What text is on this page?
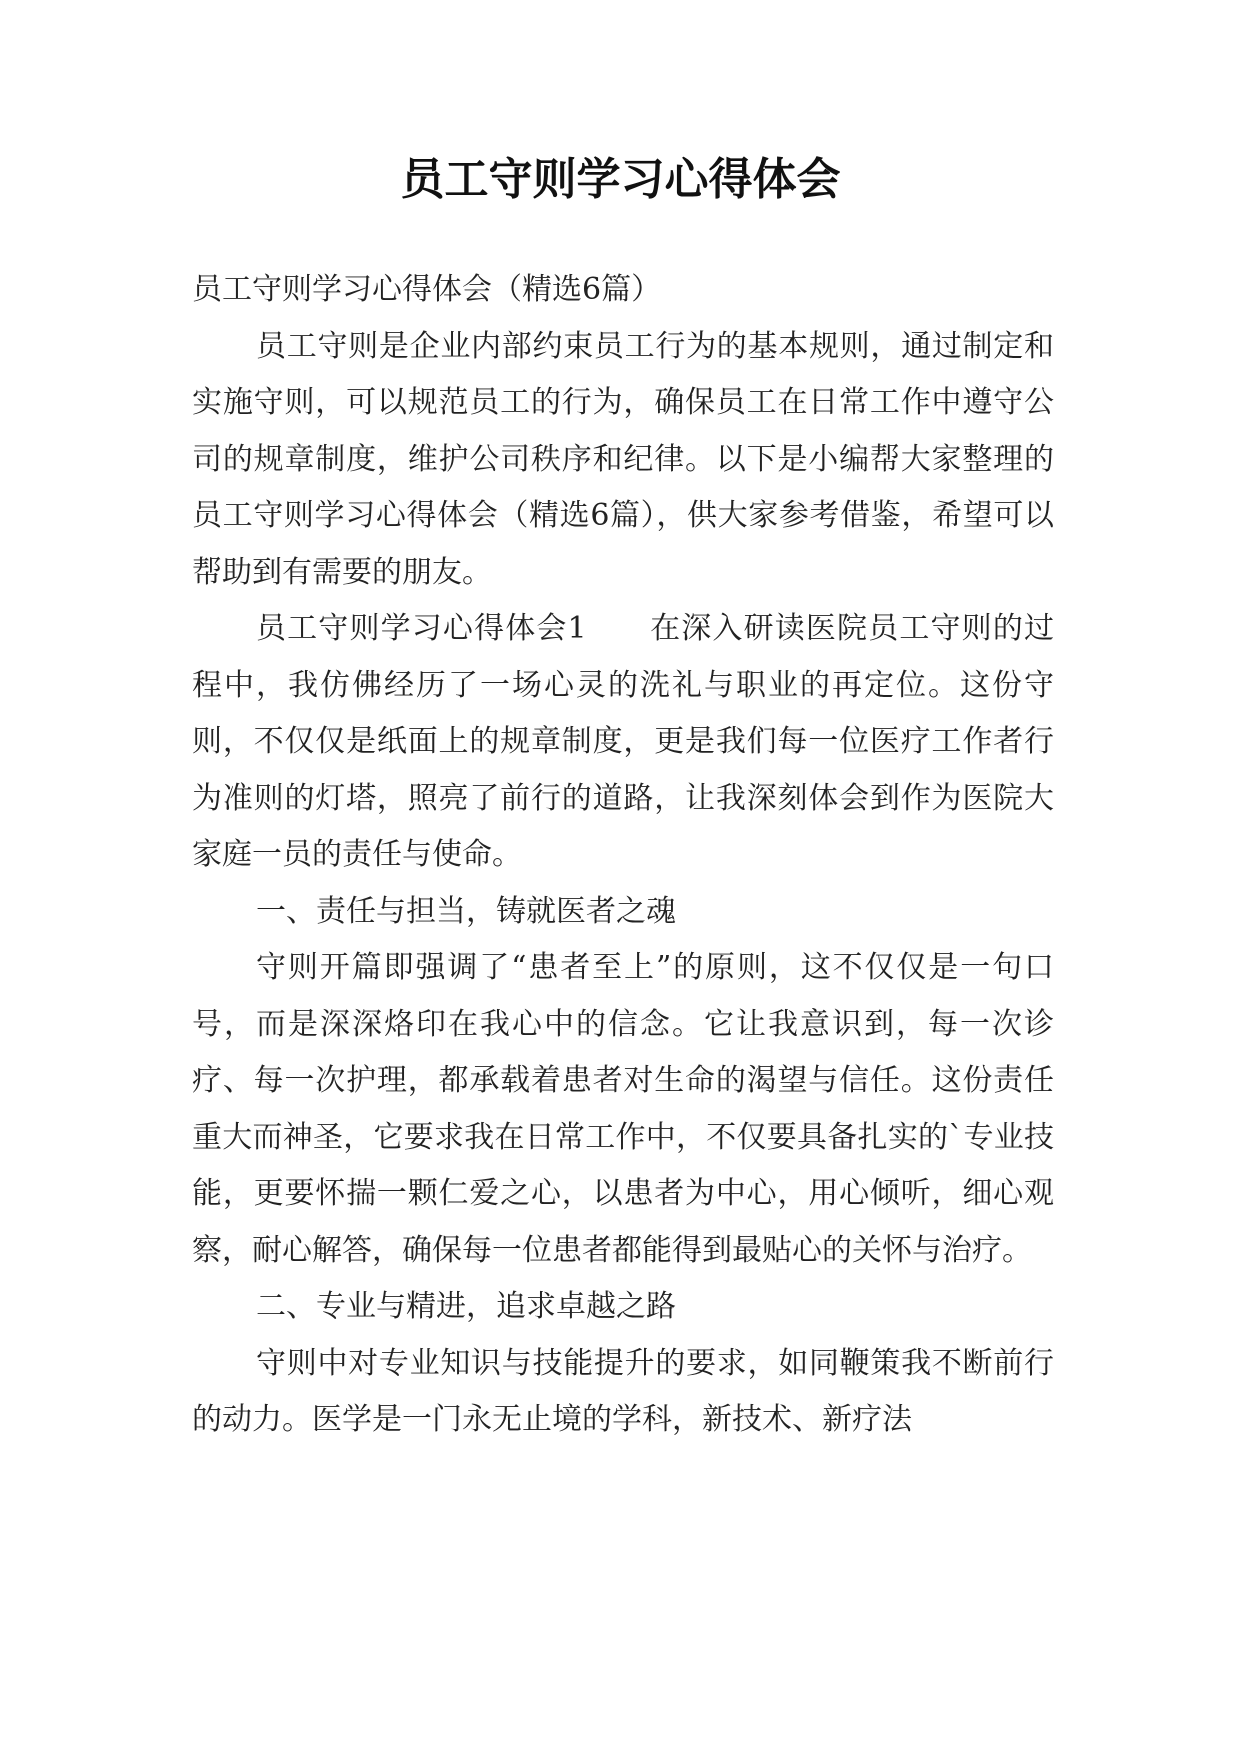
员工守则学习心得体会

员工守则学习心得体会（精选6篇）

员工守则是企业内部约束员工行为的基本规则，通过制定和实施守则，可以规范员工的行为，确保员工在日常工作中遵守公司的规章制度，维护公司秩序和纪律。以下是小编帮大家整理的员工守则学习心得体会（精选6篇），供大家参考借鉴，希望可以帮助到有需要的朋友。

员工守则学习心得体会1　　在深入研读医院员工守则的过程中，我仿佛经历了一场心灵的洗礼与职业的再定位。这份守则，不仅仅是纸面上的规章制度，更是我们每一位医疗工作者行为准则的灯塔，照亮了前行的道路，让我深刻体会到作为医院大家庭一员的责任与使命。

一、责任与担当，铸就医者之魂

守则开篇即强调了“患者至上”的原则，这不仅仅是一句口号，而是深深烙印在我心中的信念。它让我意识到，每一次诊疗、每一次护理，都承载着患者对生命的渴望与信任。这份责任重大而神圣，它要求我在日常工作中，不仅要具备扎实的`专业技能，更要怀揣一颗仁爱之心，以患者为中心，用心倾听，细心观察，耐心解答，确保每一位患者都能得到最贴心的关怀与治疗。

二、专业与精进，追求卓越之路

守则中对专业知识与技能提升的要求，如同鞭策我不断前行的动力。医学是一门永无止境的学科，新技术、新疗法
